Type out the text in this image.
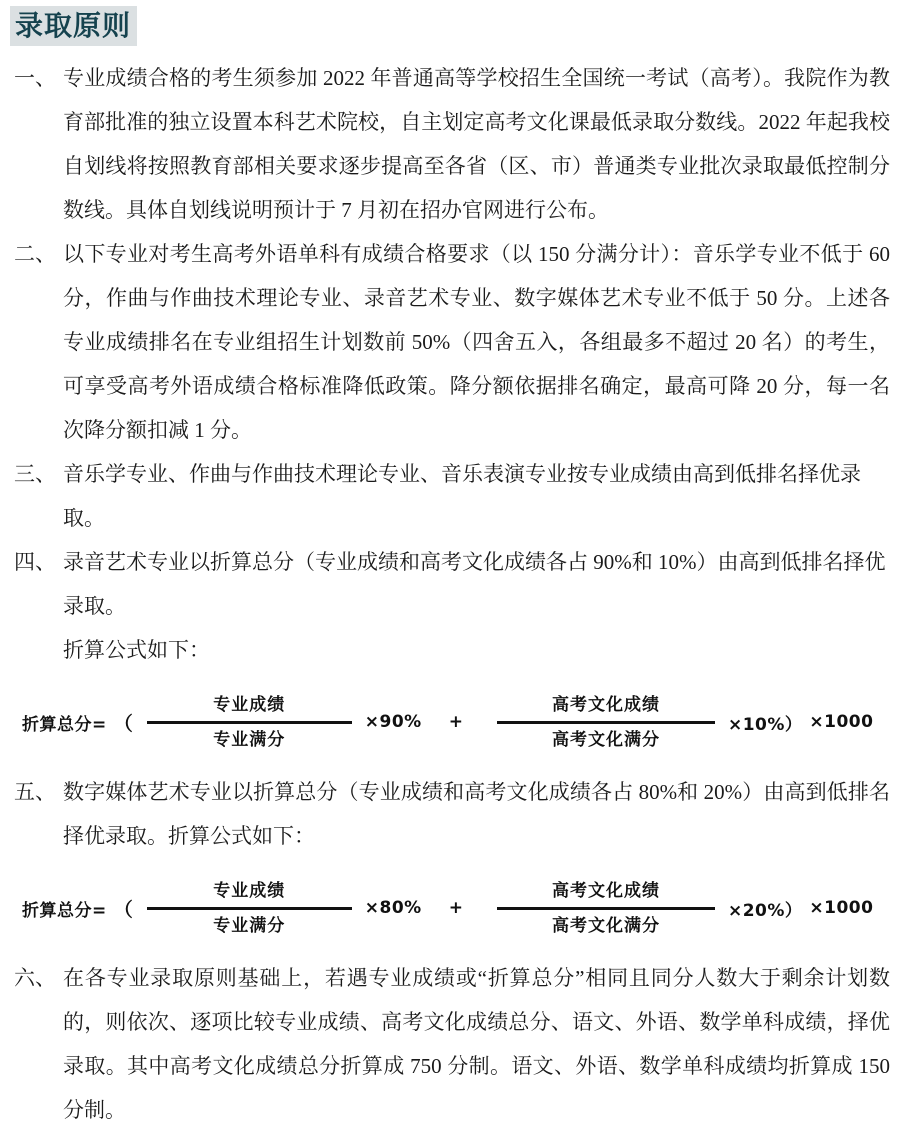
录取原则
一、 专业成绩合格的考生须参加 2022 年普通高等学校招生全国统一考试（高考）。我院作为教育部批准的独立设置本科艺术院校，自主划定高考文化课最低录取分数线。2022 年起我校自划线将按照教育部相关要求逐步提高至各省（区、市）普通类专业批次录取最低控制分数线。具体自划线说明预计于 7 月初在招办官网进行公布。

二、 以下专业对考生高考外语单科有成绩合格要求（以 150 分满分计）：音乐学专业不低于 60 分，作曲与作曲技术理论专业、录音艺术专业、数字媒体艺术专业不低于 50 分。上述各专业成绩排名在专业组招生计划数前 50%（四舍五入，各组最多不超过 20 名）的考生，可享受高考外语成绩合格标准降低政策。降分额依据排名确定，最高可降 20 分，每一名次降分额扣减 1 分。

三、 音乐学专业、作曲与作曲技术理论专业、音乐表演专业按专业成绩由高到低排名择优录取。

四、 录音艺术专业以折算总分（专业成绩和高考文化成绩各占 90%和 10%）由高到低排名择优录取。

折算公式如下：

折算总分= （ $\frac{\text{专业成绩}}{\text{专业满分}} \times 90\% + \frac{\text{高考文化成绩}}{\text{高考文化满分}} \times 10\%) \times 1000$
五、 数字媒体艺术专业以折算总分（专业成绩和高考文化成绩各占 80%和 20%）由高到低排名择优录取。折算公式如下：

折算总分= （ $\frac{\text{专业成绩}}{\text{专业满分}} \times 80\% + \frac{\text{高考文化成绩}}{\text{高考文化满分}} \times 20\%) \times 1000$
六、 在各专业录取原则基础上，若遇专业成绩或“折算总分”相同且同分人数大于剩余计划数的，则依次、逐项比较专业成绩、高考文化成绩总分、语文、外语、数学单科成绩，择优录取。其中高考文化成绩总分折算成 750 分制。语文、外语、数学单科成绩均折算成 150 分制。
